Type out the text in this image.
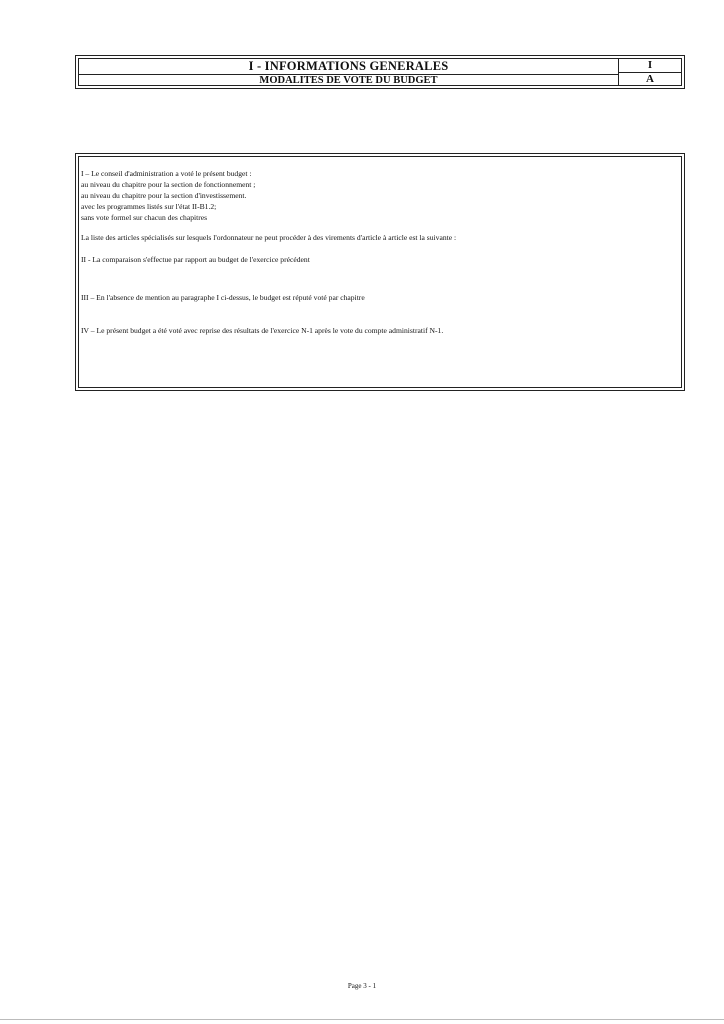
I - INFORMATIONS GENERALES
MODALITES DE VOTE DU BUDGET
I
A
I – Le conseil d'administration a voté le présent budget :
au niveau du chapitre pour la section de fonctionnement ;
au niveau du chapitre pour la section d'investissement.
avec les programmes listés sur l'état II-B1.2;
sans vote formel sur chacun des chapitres
La liste des articles spécialisés sur lesquels l'ordonnateur ne peut procéder à des virements d'article à article est la suivante :
II - La comparaison s'effectue par rapport au budget de l'exercice précédent
III – En l'absence de mention au paragraphe I ci-dessus, le budget est réputé voté par chapitre
IV – Le présent budget a été voté avec reprise des résultats de l'exercice N-1 après le vote du compte administratif N-1.
Page 3 - 1
